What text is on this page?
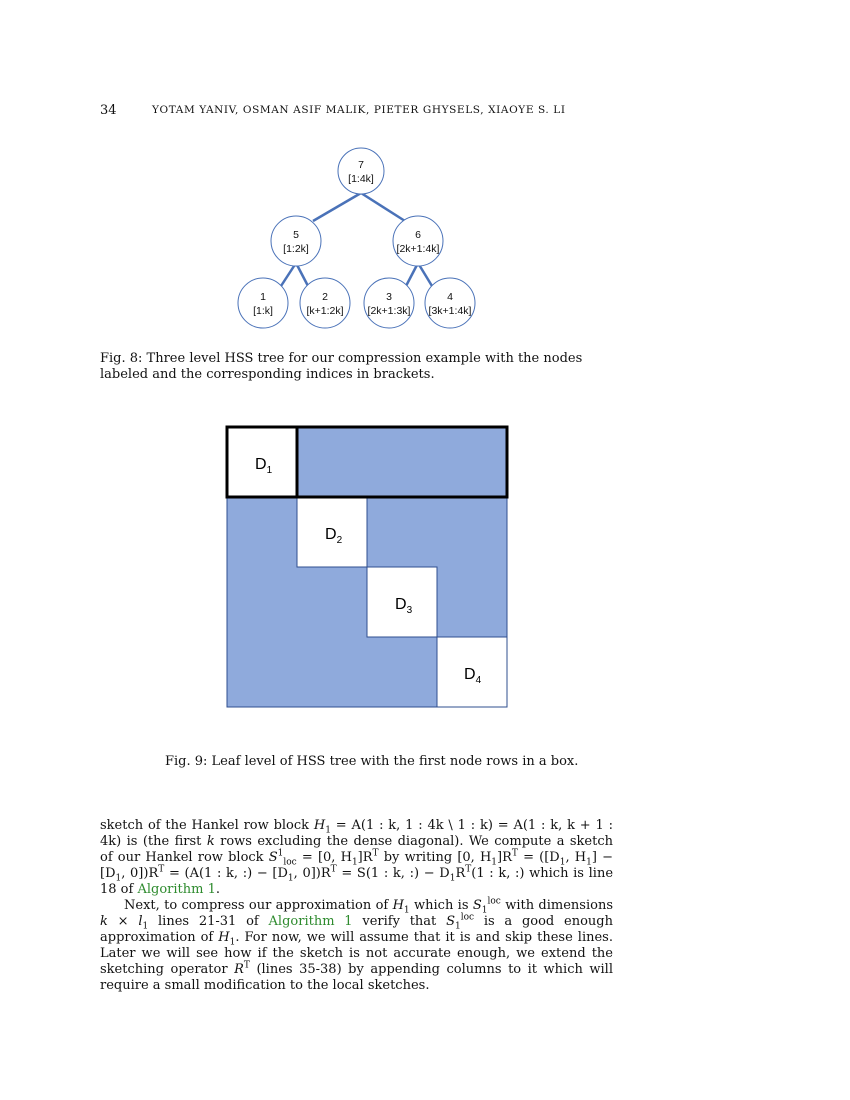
34	YOTAM YANIV, OSMAN ASIF MALIK, PIETER GHYSELS, XIAOYE S. LI
7
[1:4k]
5
[1:2k]
6
[2k+1:4k]
1
[1:k]
2
[k+1:2k]
3
[2k+1:3k]
4
[3k+1:4k]
Fig. 8: Three level HSS tree for our compression example with the nodes labeled and the corresponding indices in brackets.
$D_1$
$D_2$
$D_3$
$D_4$
Fig. 9: Leaf level of HSS tree with the first node rows in a box.

sketch of the Hankel row block $H_1 = A(1$ : k, 1 : 4k \ 1 : k) = A(1 : k, k + 1 : 4k) is (the first k rows excluding the dense diagonal). We compute a sketch of our Hankel row block $S^1_{loc} = [0$, $H_1]R^T$ by writing [0, $H_1]R^T = ([D_1$, $H_1] - [D_1$, $0])R^T = (A(1$ : k, :) − [$D_1$, $0])R^T = S(1$ : k, :) − $D_1R^T(1$ : k, :) which is line 18 of Algorithm 1.

Next, to compress our approximation of $H_1$ which is $S_1^{loc}$ with dimensions $k \times l_1$ lines 21-31 of Algorithm 1 verify that $S_1^{loc}$ is a good enough approximation of $H_1$. For now, we will assume that it is and skip these lines. Later we will see how if the sketch is not accurate enough, we extend the sketching operator $R^T$ (lines 35-38) by appending columns to it which will require a small modification to the local sketches.
